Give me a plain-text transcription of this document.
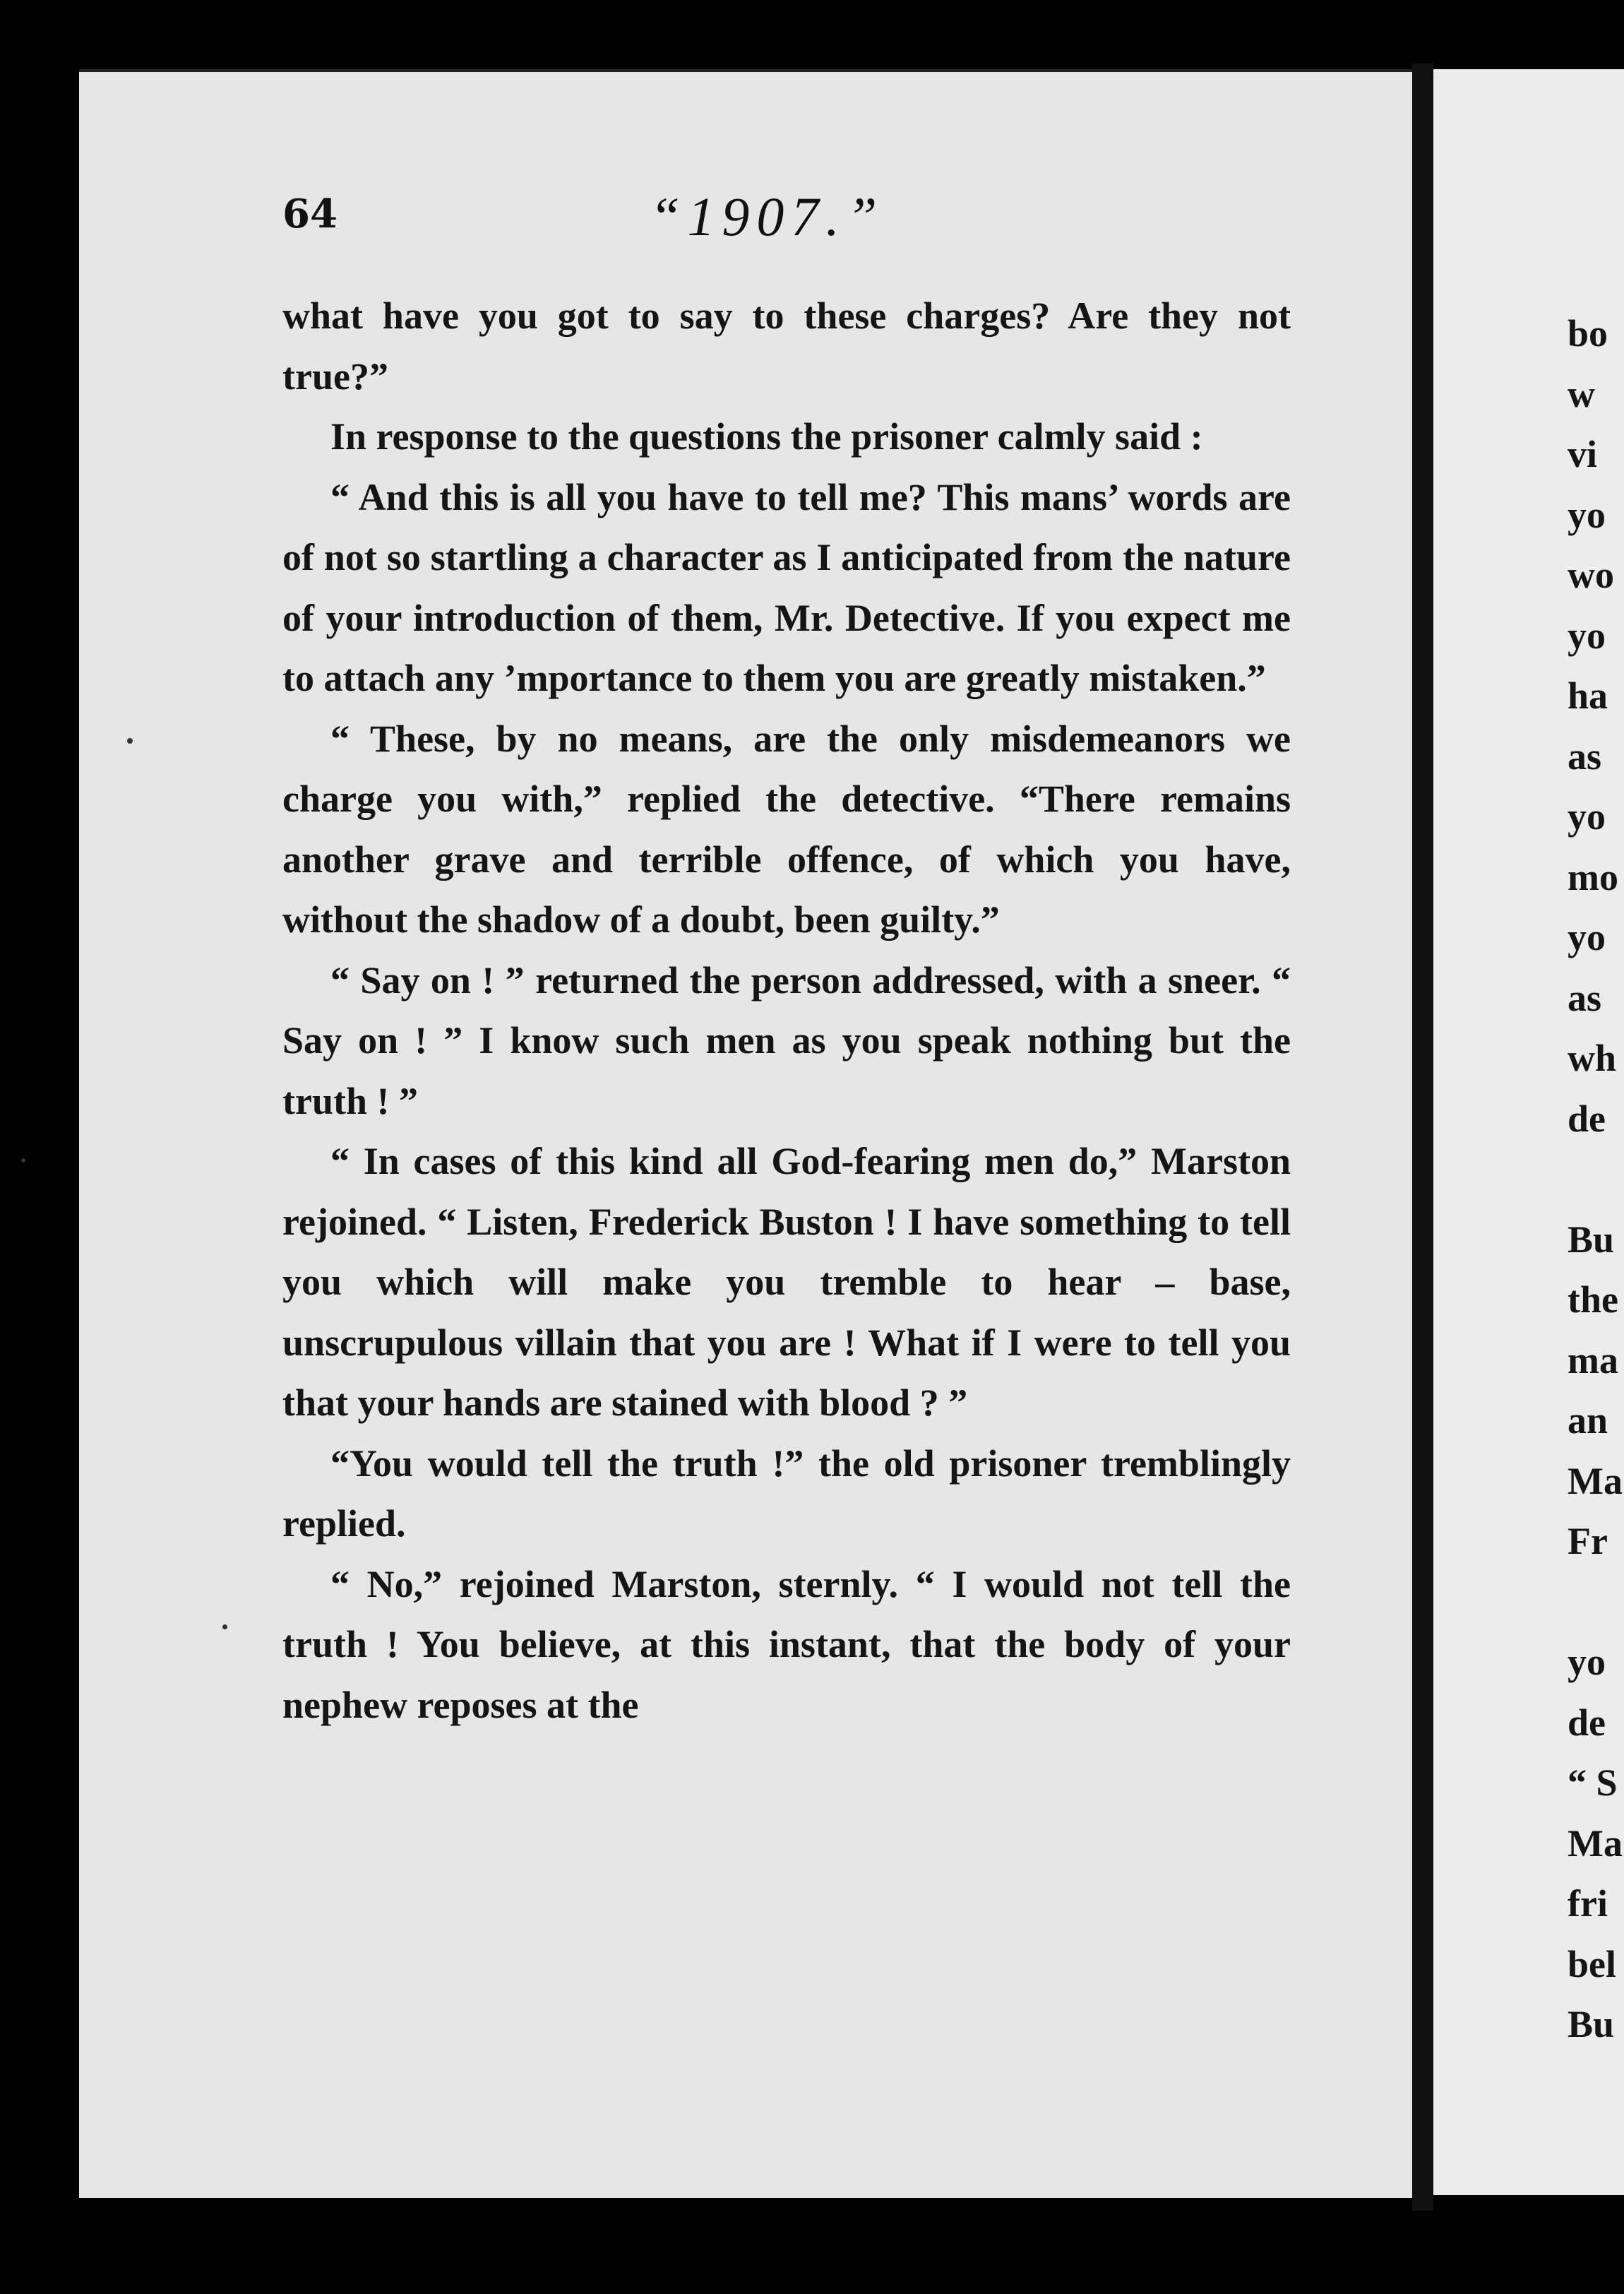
64	“1907.”

what have you got to say to these charges? Are they not true?”

In response to the questions the prisoner calmly said :

“ And this is all you have to tell me? This mans’ words are of not so startling a character as I anticipated from the nature of your introduction of them, Mr. Detective. If you expect me to attach any ’mportance to them you are greatly mistaken.”

“ These, by no means, are the only misdemeanors we charge you with,” replied the detective. “There remains another grave and terrible offence, of which you have, without the shadow of a doubt, been guilty.”

“ Say on ! ” returned the person addressed, with a sneer. “ Say on ! ” I know such men as you speak nothing but the truth ! ”

“ In cases of this kind all God-fearing men do,” Marston rejoined. “ Listen, Frederick Buston ! I have something to tell you which will make you tremble to hear – base, unscrupulous villain that you are ! What if I were to tell you that your hands are stained with blood ? ”

“You would tell the truth !” the old prisoner tremblingly replied.

“ No,” rejoined Marston, sternly. “ I would not tell the truth ! You believe, at this instant, that the body of your nephew reposes at the

bo
w
vi
yo
wo
yo
ha
as
yo
mo
yo
as
wh
de
Bu
the
ma
an
Ma
Fr
yo
de
“ S
Ma
fri
bel
Bu
